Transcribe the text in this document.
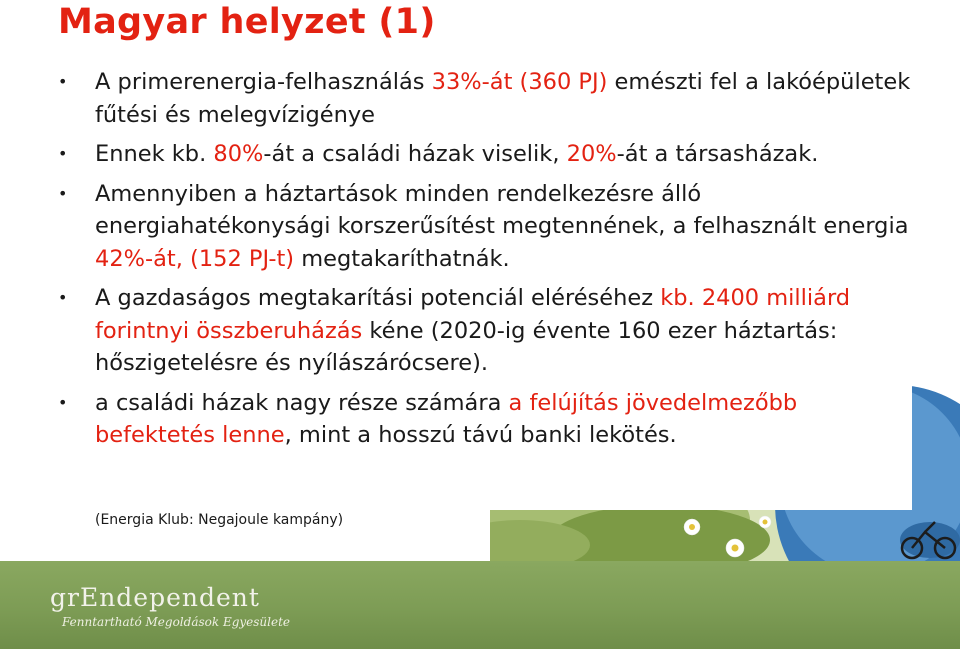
Magyar helyzet (1)
• A primerenergia-felhasználás 33%-át (360 PJ) emészti fel a lakóépületek fűtési és melegvízigénye
• Ennek kb. 80%-át a családi házak viselik, 20%-át a társasházak.
• Amennyiben a háztartások minden rendelkezésre álló energiahatékonysági korszerűsítést megtennének, a felhasznált energia 42%-át, (152 PJ-t) megtakaríthatnák.
• A gazdaságos megtakarítási potenciál eléréséhez kb. 2400 milliárd forintnyi összberuházás kéne (2020-ig évente 160 ezer háztartás: hőszigetelésre és nyílászárócsere).
• a családi házak nagy része számára a felújítás jövedelmezőbb befektetés lenne, mint a hosszú távú banki lekötés.
(Energia Klub: Negajoule kampány)
grEndependent
Fenntartható Megoldások Egyesülete
